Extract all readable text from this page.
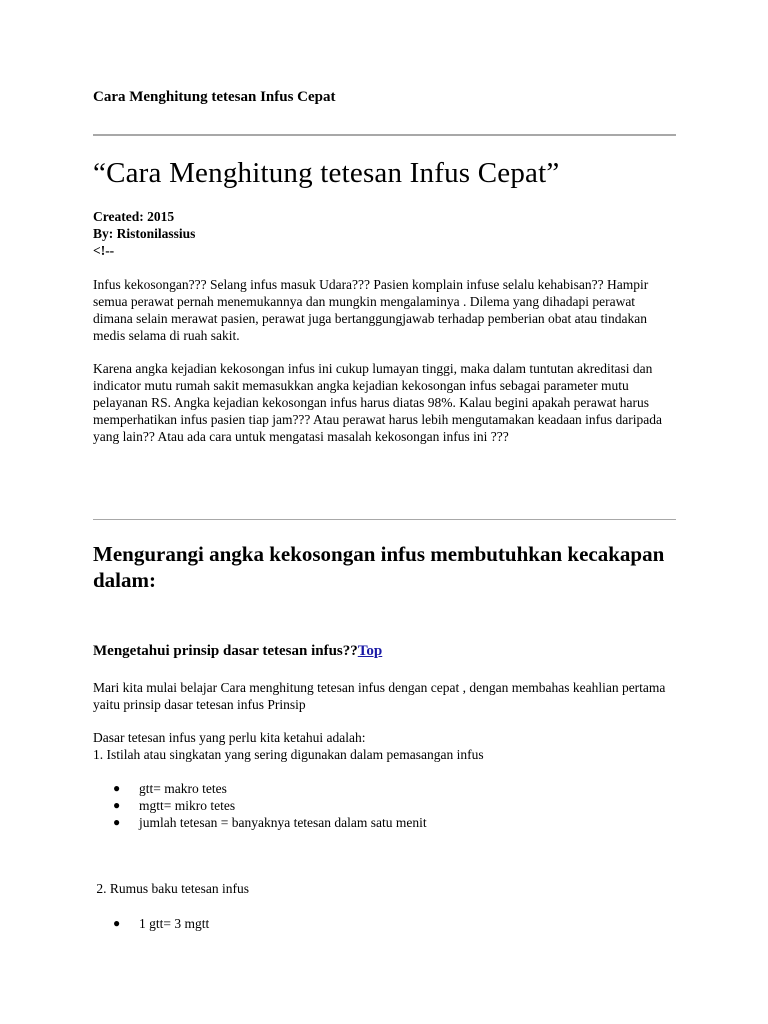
Cara Menghitung tetesan Infus Cepat
“Cara Menghitung tetesan Infus Cepat”
Created: 2015
By: Ristonilassius
<!--
Infus kekosongan??? Selang infus masuk Udara??? Pasien komplain infuse selalu kehabisan?? Hampir semua perawat pernah menemukannya dan mungkin mengalaminya . Dilema yang dihadapi perawat dimana selain merawat pasien, perawat juga bertanggungjawab terhadap pemberian obat atau tindakan medis selama di ruah sakit.
Karena angka kejadian kekosongan infus ini cukup lumayan tinggi, maka dalam tuntutan akreditasi dan indicator mutu rumah sakit memasukkan angka kejadian kekosongan infus sebagai parameter mutu pelayanan RS. Angka kejadian kekosongan infus harus diatas 98%. Kalau begini apakah perawat harus memperhatikan infus pasien tiap jam??? Atau perawat harus lebih mengutamakan keadaan infus daripada yang lain?? Atau ada cara untuk mengatasi masalah kekosongan infus ini ???
Mengurangi angka kekosongan infus membutuhkan kecakapan dalam:
Mengetahui prinsip dasar tetesan infus??Top
Mari kita mulai belajar Cara menghitung tetesan infus dengan cepat , dengan membahas keahlian pertama yaitu prinsip dasar tetesan infus Prinsip
Dasar tetesan infus yang perlu kita ketahui adalah:
1. Istilah atau singkatan yang sering digunakan dalam pemasangan infus
● gtt= makro tetes
● mgtt= mikro tetes
● jumlah tetesan = banyaknya tetesan dalam satu menit
2. Rumus baku tetesan infus
● 1 gtt= 3 mgtt
